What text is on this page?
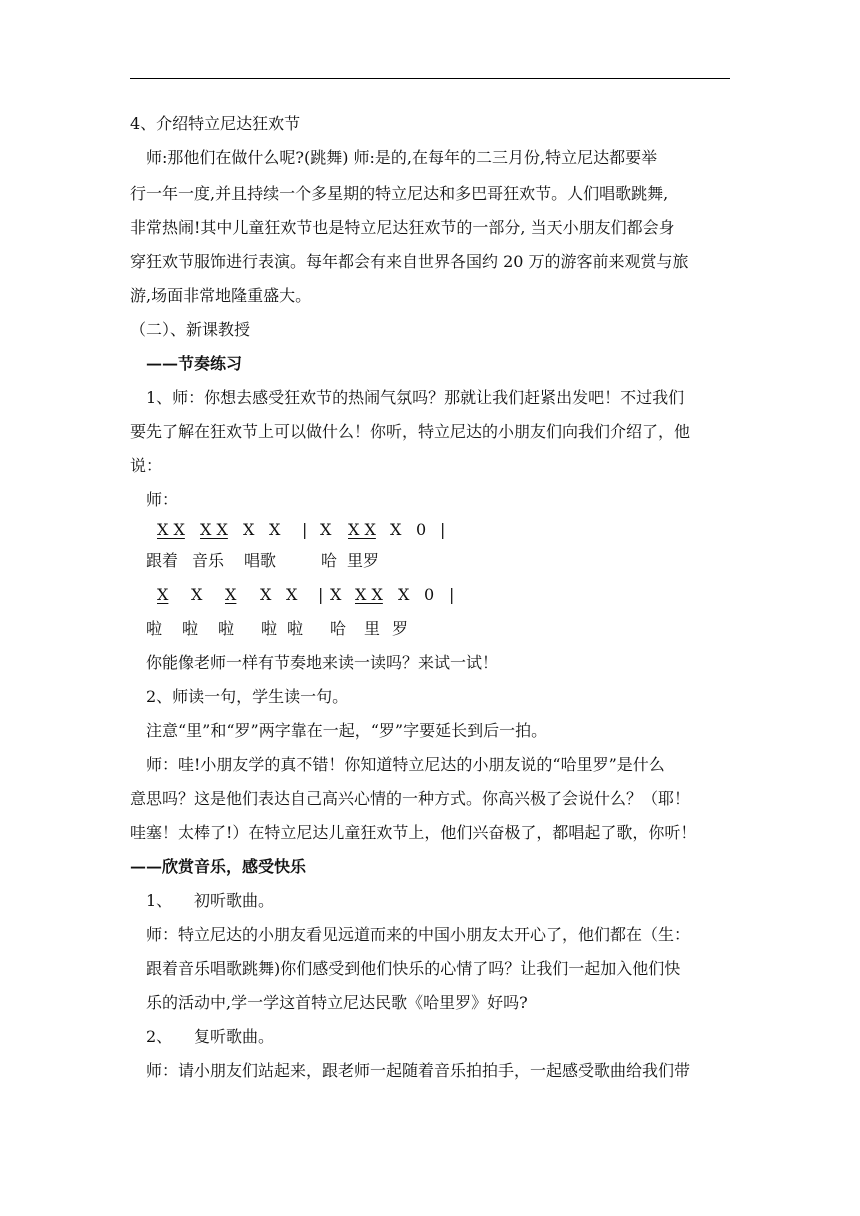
4、介绍特立尼达狂欢节
师:那他们在做什么呢?(跳舞) 师:是的,在每年的二三月份,特立尼达都要举
行一年一度,并且持续一个多星期的特立尼达和多巴哥狂欢节。人们唱歌跳舞,
非常热闹!其中儿童狂欢节也是特立尼达狂欢节的一部分, 当天小朋友们都会身
穿狂欢节服饰进行表演。每年都会有来自世界各国约 20 万的游客前来观赏与旅
游,场面非常地隆重盛大。
（二）、新课教授
——节奏练习
1、师：你想去感受狂欢节的热闹气氛吗？那就让我们赶紧出发吧！不过我们
要先了解在狂欢节上可以做什么！你听，特立尼达的小朋友们向我们介绍了，他
说：
师：
X X X X X X | X X X X 0 |
跟着 音乐 唱歌	哈 里罗
X X X X X | X X X X 0 |
啦 啦 啦 啦 啦 哈 里 罗
你能像老师一样有节奏地来读一读吗？来试一试！
2、师读一句，学生读一句。
注意“里”和“罗”两字靠在一起，“罗”字要延长到后一拍。
师：哇!小朋友学的真不错！你知道特立尼达的小朋友说的“哈里罗”是什么
意思吗？这是他们表达自己高兴心情的一种方式。你高兴极了会说什么？（耶！
哇塞！太棒了!）在特立尼达儿童狂欢节上，他们兴奋极了，都唱起了歌，你听！
——欣赏音乐，感受快乐
1、 初听歌曲。
师：特立尼达的小朋友看见远道而来的中国小朋友太开心了，他们都在（生：
跟着音乐唱歌跳舞)你们感受到他们快乐的心情了吗？让我们一起加入他们快
乐的活动中,学一学这首特立尼达民歌《哈里罗》好吗?
2、 复听歌曲。
师：请小朋友们站起来，跟老师一起随着音乐拍拍手，一起感受歌曲给我们带
